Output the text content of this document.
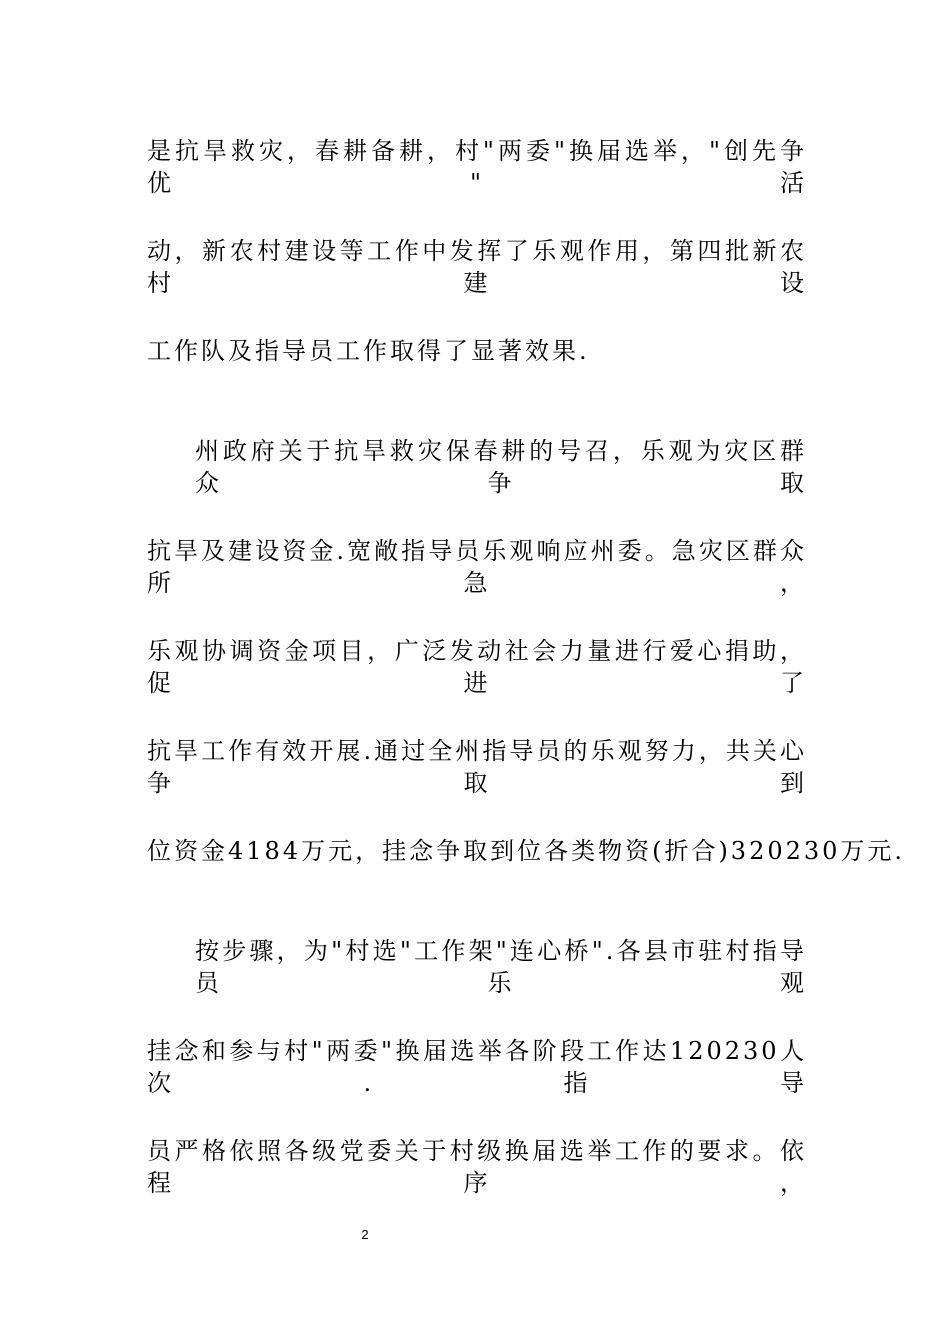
是抗旱救灾，春耕备耕，村"两委"换届选举，"创先争优"活
动，新农村建设等工作中发挥了乐观作用，第四批新农村建设
工作队及指导员工作取得了显著效果.
州政府关于抗旱救灾保春耕的号召，乐观为灾区群众争取
抗旱及建设资金.宽敞指导员乐观响应州委。急灾区群众所急，
乐观协调资金项目，广泛发动社会力量进行爱心捐助，促进了
抗旱工作有效开展.通过全州指导员的乐观努力，共关心争取到
位资金4184万元，挂念争取到位各类物资(折合)320230万元.
按步骤，为"村选"工作架"连心桥".各县市驻村指导员乐观
挂念和参与村"两委"换届选举各阶段工作达120230人次.指导
员严格依照各级党委关于村级换届选举工作的要求。依程序，
2
